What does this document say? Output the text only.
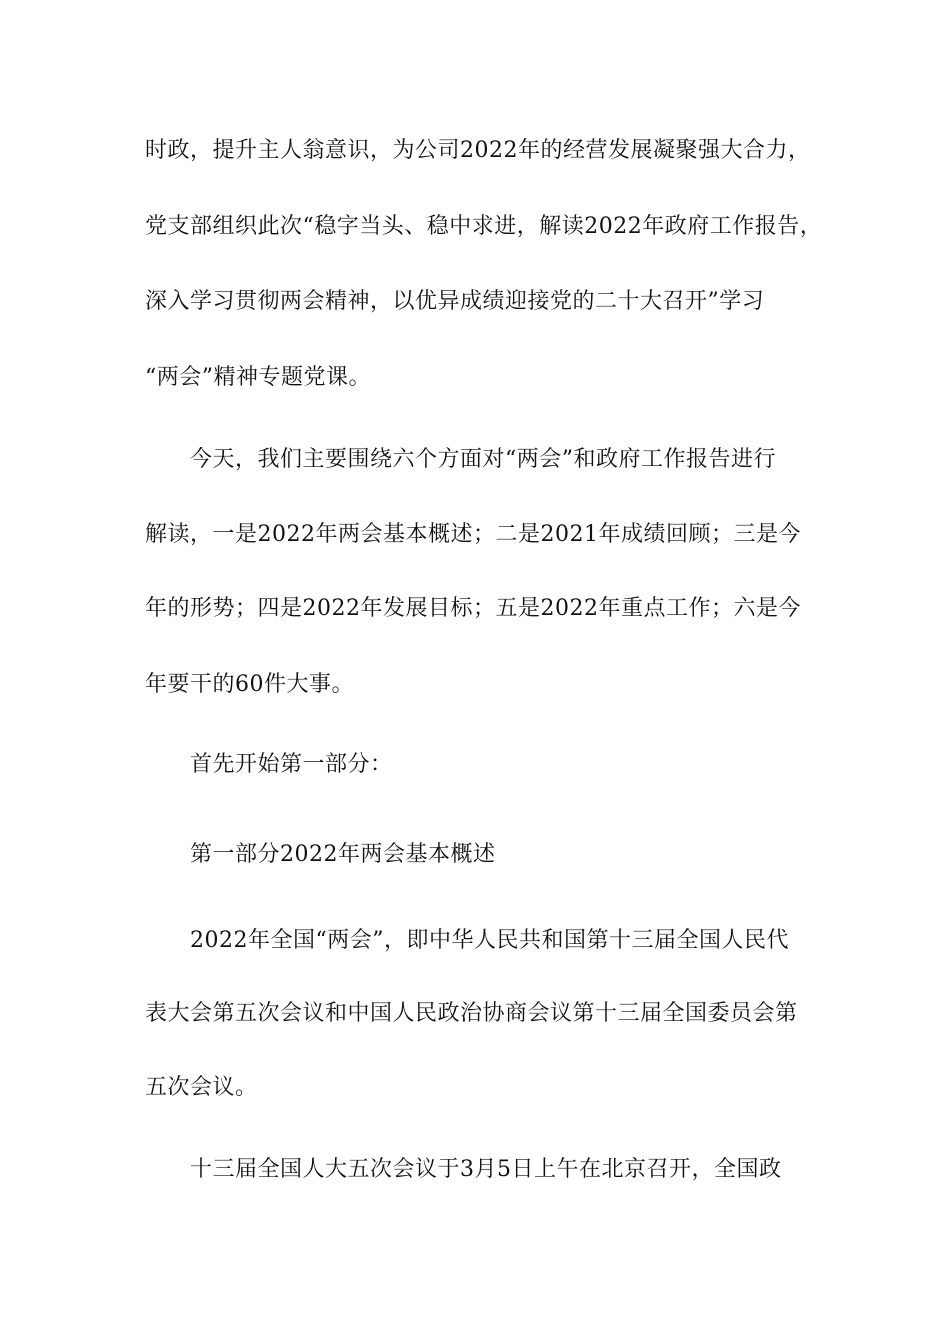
时政，提升主人翁意识，为公司2022年的经营发展凝聚强大合力，
党支部组织此次“稳字当头、稳中求进，解读2022年政府工作报告，
深入学习贯彻两会精神，以优异成绩迎接党的二十大召开”学习
“两会”精神专题党课。
今天，我们主要围绕六个方面对“两会”和政府工作报告进行
解读，一是2022年两会基本概述；二是2021年成绩回顾；三是今
年的形势；四是2022年发展目标；五是2022年重点工作；六是今
年要干的60件大事。
首先开始第一部分：
第一部分2022年两会基本概述
2022年全国“两会”，即中华人民共和国第十三届全国人民代
表大会第五次会议和中国人民政治协商会议第十三届全国委员会第
五次会议。
十三届全国人大五次会议于3月5日上午在北京召开，全国政
